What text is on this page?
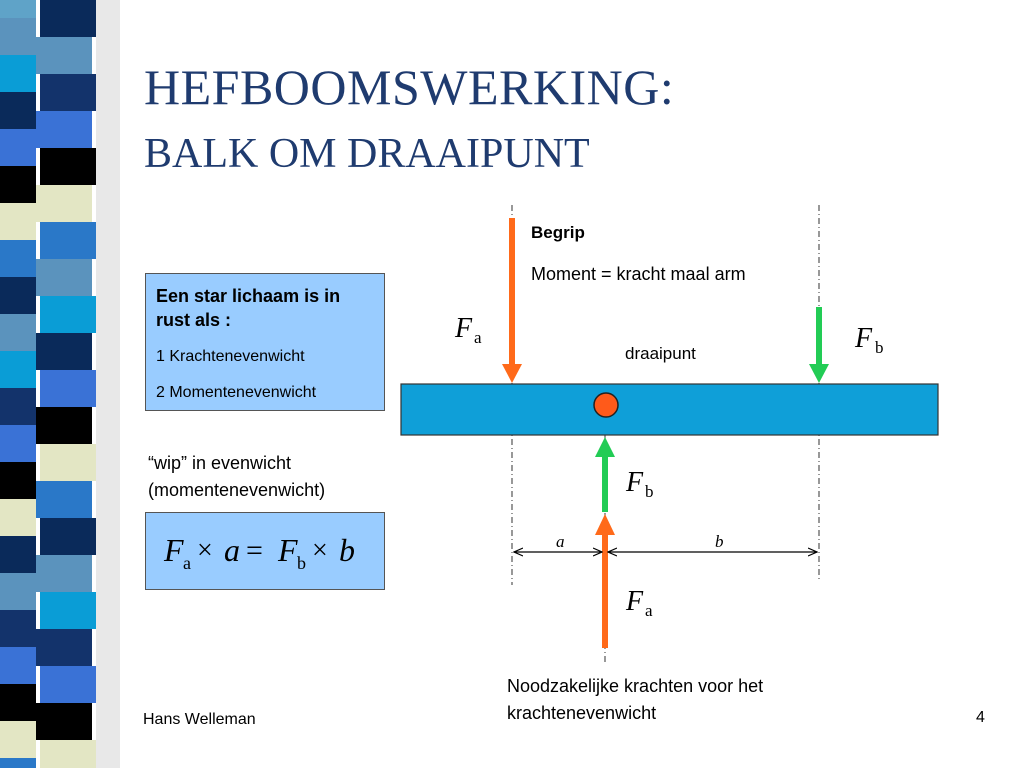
HEFBOOMSWERKING:
BALK OM DRAAIPUNT
Een star lichaam is in rust als :
1 Krachtenevenwicht
2 Momentenevenwicht
“wip” in evenwicht
(momentenevenwicht)
F a × a = F b × b
Begrip
Moment = kracht maal arm
a	b
F a	F b
F b
F a
draaipunt
Noodzakelijke krachten voor het
krachtenevenwicht
Hans Welleman	4
